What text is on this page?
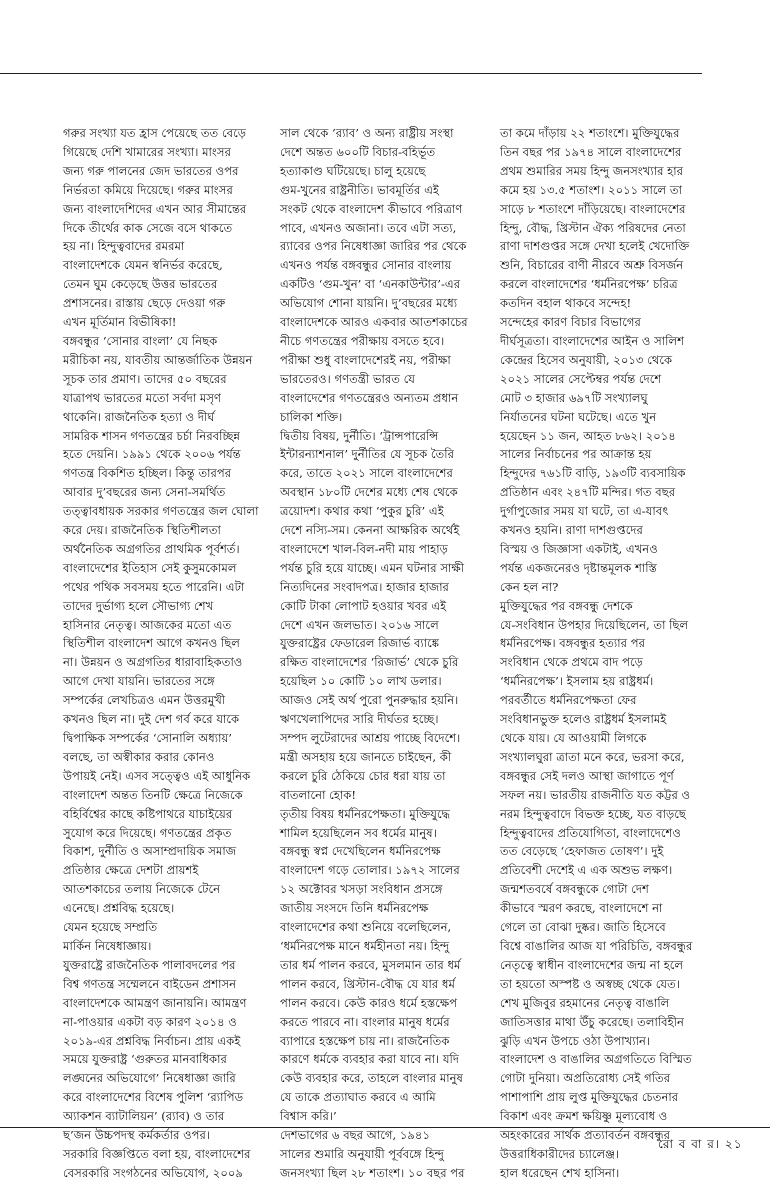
গরুর সংখ্যা যত হ্রাস পেয়েছে তত বেড়ে
গিয়েছে দেশি খামারের সংখ্যা। মাংসর
জন্য গরু পালনের জেদ ভারতের ওপর
নির্ভরতা কমিয়ে দিয়েছে। গরুর মাংসর
জন্য বাংলাদেশিদের এখন আর সীমান্তের
দিকে তীর্থের কাক সেজে বসে থাকতে
হয় না। হিন্দুত্ববাদের রমরমা
বাংলাদেশকে যেমন স্বনির্ভর করেছে,
তেমন ঘুম কেড়েছে উত্তর ভারতের
প্রশাসনের। রাস্তায় ছেড়ে দেওয়া গরু
এখন মূর্তিমান বিভীষিকা!
বঙ্গবন্ধুর ‘সোনার বাংলা’ যে নিছক
মরীচিকা নয়, যাবতীয় আন্তর্জাতিক উন্নয়ন
সূচক তার প্রমাণ। তাদের ৫০ বছরের
যাত্রাপথ ভারতের মতো সর্বদা মসৃণ
থাকেনি। রাজনৈতিক হত্যা ও দীর্ঘ
সামরিক শাসন গণতন্ত্রের চর্চা নিরবচ্ছিন্ন
হতে দেয়নি। ১৯৯১ থেকে ২০০৬ পর্যন্ত
গণতন্ত্র বিকশিত হচ্ছিল। কিন্তু তারপর
আবার দু’বছরের জন্য সেনা-সমর্থিত
তত্ত্বাবধায়ক সরকার গণতন্ত্রের জল ঘোলা
করে দেয়। রাজনৈতিক স্থিতিশীলতা
অর্থনৈতিক অগ্রগতির প্রাথমিক পূর্বশর্ত।
বাংলাদেশের ইতিহাস সেই কুসুমকোমল
পথের পথিক সবসময় হতে পারেনি। এটা
তাদের দুর্ভাগ্য হলে সৌভাগ্য শেখ
হাসিনার নেতৃত্ব। আজকের মতো এত
স্থিতিশীল বাংলাদেশ আগে কখনও ছিল
না। উন্নয়ন ও অগ্রগতির ধারাবাহিকতাও
আগে দেখা যায়নি। ভারতের সঙ্গে
সম্পর্কের লেখচিত্রও এমন উত্তরমুখী
কখনও ছিল না। দুই দেশ গর্ব করে যাকে
দ্বিপাক্ষিক সম্পর্কের ‘সোনালি অধ্যায়’
বলছে, তা অস্বীকার করার কোনও
উপায়ই নেই। এসব সত্ত্বেও এই আধুনিক
বাংলাদেশ অন্তত তিনটি ক্ষেত্রে নিজেকে
বহির্বিশ্বের কাছে কষ্টিপাথরে যাচাইয়ের
সুযোগ করে দিয়েছে। গণতন্ত্রের প্রকৃত
বিকাশ, দুর্নীতি ও অসাম্প্রদায়িক সমাজ
প্রতিষ্ঠার ক্ষেত্রে দেশটা প্রায়শই
আতশকাচের তলায় নিজেকে টেনে
এনেছে। প্রশ্নবিদ্ধ হয়েছে।
যেমন হয়েছে সম্প্রতি
মার্কিন নিষেধাজ্ঞায়।
যুক্তরাষ্ট্রে রাজনৈতিক পালাবদলের পর
বিশ্ব গণতন্ত্র সম্মেলনে বাইডেন প্রশাসন
বাংলাদেশকে আমন্ত্রণ জানায়নি। আমন্ত্রণ
না-পাওয়ার একটা বড় কারণ ২০১৪ ও
২০১৯-এর প্রশ্নবিদ্ধ নির্বাচন। প্রায় একই
সময়ে যুক্তরাষ্ট্র ‘গুরুতর মানবাধিকার
লঙ্ঘনের অভিযোগে’ নিষেধাজ্ঞা জারি
করে বাংলাদেশের বিশেষ পুলিশ ‘র‌্যাপিড
অ্যাকশন ব্যাটালিয়ন’ (র‌্যাব) ও তার
ছ’জন উচ্চপদস্থ কর্মকর্তার ওপর।
সরকারি বিজ্ঞপ্তিতে বলা হয়, বাংলাদেশের
বেসরকারি সংগঠনের অভিযোগ, ২০০৯

সাল থেকে ‘র‌্যাব’ ও অন্য রাষ্ট্রীয় সংস্থা
দেশে অন্তত ৬০০টি বিচার-বহির্ভূত
হত্যাকাণ্ড ঘটিয়েছে। চালু হয়েছে
গুম-খুনের রাষ্ট্রনীতি। ভাবমূর্তির এই
সংকট থেকে বাংলাদেশ কীভাবে পরিত্রাণ
পাবে, এখনও অজানা। তবে এটা সত্য,
র‌্যাবের ওপর নিষেধাজ্ঞা জারির পর থেকে
এখনও পর্যন্ত বঙ্গবন্ধুর সোনার বাংলায়
একটিও ‘গুম-খুন’ বা ‘এনকাউন্টার’-এর
অভিযোগ শোনা যায়নি। দু’বছরের মধ্যে
বাংলাদেশকে আরও একবার আতশকাচের
নীচে গণতন্ত্রের পরীক্ষায় বসতে হবে।
পরীক্ষা শুধু বাংলাদেশেরই নয়, পরীক্ষা
ভারতেরও। গণতন্ত্রী ভারত যে
বাংলাদেশের গণতন্ত্রেরও অন্যতম প্রধান
চালিকা শক্তি।
দ্বিতীয় বিষয়, দুর্নীতি। ‘ট্রান্সপারেন্সি
ইন্টারন্যাশনাল’ দুর্নীতির যে সূচক তৈরি
করে, তাতে ২০২১ সালে বাংলাদেশের
অবস্থান ১৮০টি দেশের মধ্যে শেষ থেকে
ত্রয়োদশ। কথার কথা ‘পুকুর চুরি’ এই
দেশে নস্যি-সম। কেননা আক্ষরিক অর্থেই
বাংলাদেশে খাল-বিল-নদী মায় পাহাড়
পর্যন্ত চুরি হয়ে যাচ্ছে। এমন ঘটনার সাক্ষী
নিত্যদিনের সংবাদপত্র। হাজার হাজার
কোটি টাকা লোপাট হওয়ার খবর এই
দেশে এখন জলভাত। ২০১৬ সালে
যুক্তরাষ্ট্রের ফেডারেল রিজার্ভ ব্যাঙ্কে
রক্ষিত বাংলাদেশের ‘রিজার্ভ’ থেকে চুরি
হয়েছিল ১০ কোটি ১০ লাখ ডলার।
আজও সেই অর্থ পুরো পুনরুদ্ধার হয়নি।
ঋণখেলাপিদের সারি দীর্ঘতর হচ্ছে।
সম্পদ লুটেরাদের আশ্রয় পাচ্ছে বিদেশে।
মন্ত্রী অসহায় হয়ে জানতে চাইছেন, কী
করলে চুরি ঠেকিয়ে চোর ধরা যায় তা
বাতলানো হোক!
তৃতীয় বিষয় ধর্মনিরপেক্ষতা। মুক্তিযুদ্ধে
শামিল হয়েছিলেন সব ধর্মের মানুষ।
বঙ্গবন্ধু স্বপ্ন দেখেছিলেন ধর্মনিরপেক্ষ
বাংলাদেশ গড়ে তোলার। ১৯৭২ সালের
১২ অক্টোবর খসড়া সংবিধান প্রসঙ্গে
জাতীয় সংসদে তিনি ধর্মনিরপেক্ষ
বাংলাদেশের কথা শুনিয়ে বলেছিলেন,
‘ধর্মনিরপেক্ষ মানে ধর্মহীনতা নয়। হিন্দু
তার ধর্ম পালন করবে, মুসলমান তার ধর্ম
পালন করবে, খ্রিস্টান-বৌদ্ধ যে যার ধর্ম
পালন করবে। কেউ কারও ধর্মে হস্তক্ষেপ
করতে পারবে না। বাংলার মানুষ ধর্মের
ব্যাপারে হস্তক্ষেপ চায় না। রাজনৈতিক
কারণে ধর্মকে ব্যবহার করা যাবে না। যদি
কেউ ব্যবহার করে, তাহলে বাংলার মানুষ
যে তাকে প্রত্যাঘাত করবে এ আমি
বিশ্বাস করি।’
দেশভাগের ৬ বছর আগে, ১৯৪১
সালের শুমারি অনুযায়ী পূর্ববঙ্গে হিন্দু
জনসংখ্যা ছিল ২৮ শতাংশ। ১০ বছর পর

তা কমে দাঁড়ায় ২২ শতাংশে। মুক্তিযুদ্ধের
তিন বছর পর ১৯৭৪ সালে বাংলাদেশের
প্রথম শুমারির সময় হিন্দু জনসংখ্যার হার
কমে হয় ১৩.৫ শতাংশ। ২০১১ সালে তা
সাড়ে ৮ শতাংশে দাঁড়িয়েছে। বাংলাদেশের
হিন্দু, বৌদ্ধ, খ্রিস্টান ঐক্য পরিষদের নেতা
রাণা দাশগুপ্তর সঙ্গে দেখা হলেই খেদোক্তি
শুনি, বিচারের বাণী নীরবে অশ্রু বিসর্জন
করলে বাংলাদেশের ‘ধর্মনিরপেক্ষ’ চরিত্র
কতদিন বহাল থাকবে সন্দেহ!
সন্দেহের কারণ বিচার বিভাগের
দীর্ঘসূত্রতা। বাংলাদেশের আইন ও সালিশ
কেন্দ্রের হিসেব অনুযায়ী, ২০১৩ থেকে
২০২১ সালের সেপ্টেম্বর পর্যন্ত দেশে
মোট ৩ হাজার ৬৯৭টি সংখ্যালঘু
নির্যাতনের ঘটনা ঘটেছে। এতে খুন
হয়েছেন ১১ জন, আহত ৮৬২। ২০১৪
সালের নির্বাচনের পর আক্রান্ত হয়
হিন্দুদের ৭৬১টি বাড়ি, ১৯৩টি ব্যবসায়িক
প্রতিষ্ঠান এবং ২৪৭টি মন্দির। গত বছর
দুর্গাপুজোর সময় যা ঘটে, তা এ-যাবৎ
কখনও হয়নি। রাণা দাশগুপ্তদের
বিস্ময় ও জিজ্ঞাসা একটাই, এখনও
পর্যন্ত একজনেরও দৃষ্টান্তমূলক শাস্তি
কেন হল না?
মুক্তিযুদ্ধের পর বঙ্গবন্ধু দেশকে
যে-সংবিধান উপহার দিয়েছিলেন, তা ছিল
ধর্মনিরপেক্ষ। বঙ্গবন্ধুর হত্যার পর
সংবিধান থেকে প্রথমে বাদ পড়ে
‘ধর্মনিরপেক্ষ’। ইসলাম হয় রাষ্ট্রধর্ম।
পরবর্তীতে ধর্মনিরপেক্ষতা ফের
সংবিধানভুক্ত হলেও রাষ্ট্রধর্ম ইসলামই
থেকে যায়। যে আওয়ামী লিগকে
সংখ্যালঘুরা ত্রাতা মনে করে, ভরসা করে,
বঙ্গবন্ধুর সেই দলও আস্থা জাগাতে পূর্ণ
সফল নয়। ভারতীয় রাজনীতি যত কট্টর ও
নরম হিন্দুত্ববাদে বিভক্ত হচ্ছে, যত বাড়ছে
হিন্দুত্ববাদের প্রতিযোগিতা, বাংলাদেশেও
তত বেড়েছে ‘হেফাজত তোষণ’। দুই
প্রতিবেশী দেশেই এ এক অশুভ লক্ষণ।
জন্মশতবর্ষে বঙ্গবন্ধুকে গোটা দেশ
কীভাবে স্মরণ করছে, বাংলাদেশে না
গেলে তা বোঝা দুষ্কর। জাতি হিসেবে
বিশ্বে বাঙালির আজ যা পরিচিতি, বঙ্গবন্ধুর
নেতৃত্বে স্বাধীন বাংলাদেশের জন্ম না হলে
তা হয়তো অস্পষ্ট ও অস্বচ্ছ থেকে যেত।
শেখ মুজিবুর রহমানের নেতৃত্ব বাঙালি
জাতিসত্তার মাথা উঁচু করেছে। তলাবিহীন
ঝুড়ি এখন উপচে ওঠা উপাখ্যান।
বাংলাদেশ ও বাঙালির অগ্রগতিতে বিস্মিত
গোটা দুনিয়া। অপ্রতিরোধ্য সেই গতির
পাশাপাশি প্রায় লুপ্ত মুক্তিযুদ্ধের চেতনার
বিকাশ এবং ক্রমশ ক্ষয়িষ্ণু মূল্যবোধ ও
অহংকারের সার্থক প্রত্যাবর্তন বঙ্গবন্ধুর
উত্তরাধিকারীদের চ্যালেঞ্জ।
হাল ধরেছেন শেখ হাসিনা।

রো ব বা র। ২১
